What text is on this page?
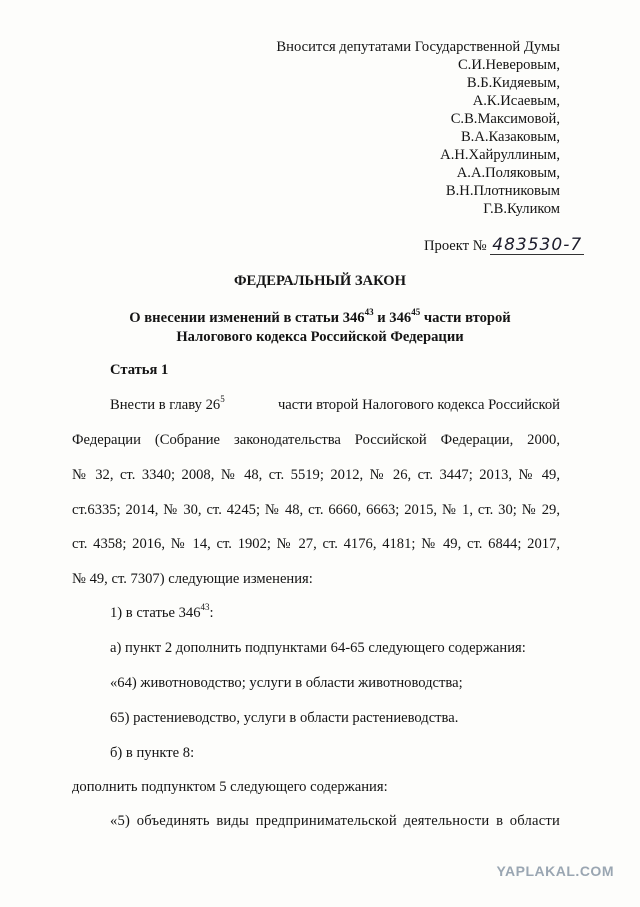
Вносится депутатами Государственной Думы
С.И.Неверовым,
В.Б.Кидяевым,
А.К.Исаевым,
С.В.Максимовой,
В.А.Казаковым,
А.Н.Хайруллиным,
А.А.Поляковым,
В.Н.Плотниковым
Г.В.Куликом
Проект № 483530-7
ФЕДЕРАЛЬНЫЙ ЗАКОН
О внесении изменений в статьи $346^{43}$ и $346^{45}$ части второй
Налогового кодекса Российской Федерации
Статья 1
Внести в главу $26^5$	части второй Налогового кодекса Российской
Федерации (Собрание законодательства Российской Федерации, 2000,
№ 32, ст. 3340; 2008, № 48, ст. 5519; 2012, № 26, ст. 3447; 2013, № 49,
ст.6335; 2014, № 30, ст. 4245; № 48, ст. 6660, 6663; 2015, № 1, ст. 30; № 29,
ст. 4358; 2016, № 14, ст. 1902; № 27, ст. 4176, 4181; № 49, ст. 6844; 2017,
№ 49, ст. 7307) следующие изменения:
1) в статье $346^{43}$:
а) пункт 2 дополнить подпунктами 64-65 следующего содержания:
«64) животноводство; услуги в области животноводства;
65) растениеводство, услуги в области растениеводства.
б) в пункте 8:
дополнить подпунктом 5 следующего содержания:
«5) объединять виды предпринимательской деятельности в области
YAPLAKAL.COM
